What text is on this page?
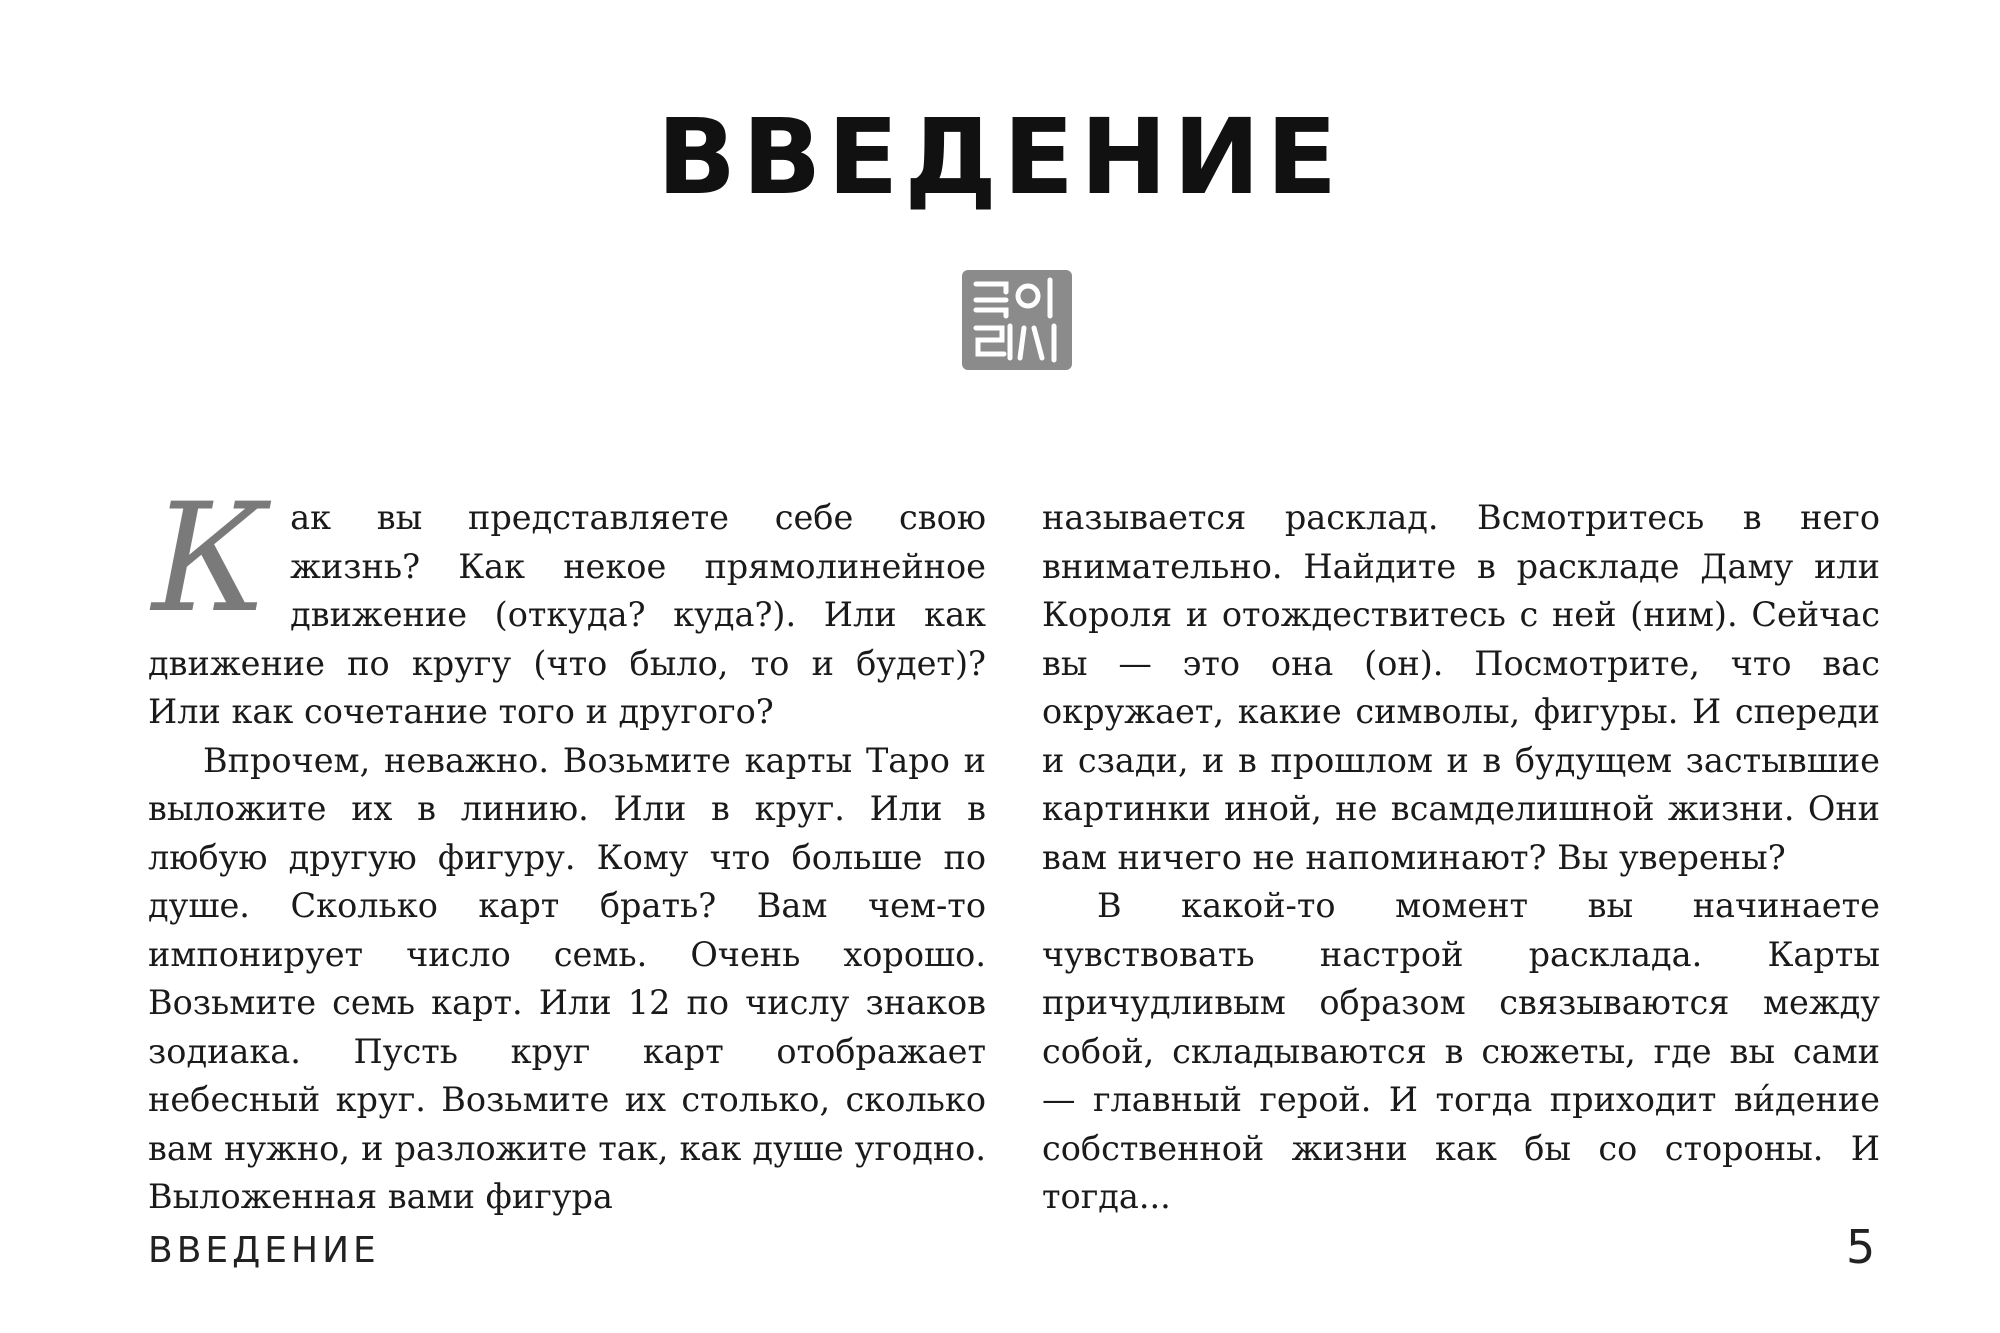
ВВЕДЕНИЕ

Как вы представляете себе свою жизнь? Как некое прямолинейное движение (откуда? куда?). Или как движение по кругу (что было, то и будет)? Или как сочетание того и другого?

Впрочем, неважно. Возьмите карты Таро и выложите их в линию. Или в круг. Или в любую другую фигуру. Кому что больше по душе. Сколько карт брать? Вам чем-то импонирует число семь. Очень хорошо. Возьмите семь карт. Или 12 по числу знаков зодиака. Пусть круг карт отображает небесный круг. Возьмите их столько, сколько вам нужно, и разложите так, как душе угодно. Выложенная вами фигура

называется расклад. Всмотритесь в него внимательно. Найдите в раскладе Даму или Короля и отождествитесь с ней (ним). Сейчас вы — это она (он). Посмотрите, что вас окружает, какие символы, фигуры. И спереди и сзади, и в прошлом и в будущем застывшие картинки иной, не всамделишной жизни. Они вам ничего не напоминают? Вы уверены?

В какой-то момент вы начинаете чувствовать настрой расклада. Карты причудливым образом связываются между собой, складываются в сюжеты, где вы сами — главный герой. И тогда приходит ви́дение собственной жизни как бы со стороны. И тогда...

ВВЕДЕНИЕ	5
